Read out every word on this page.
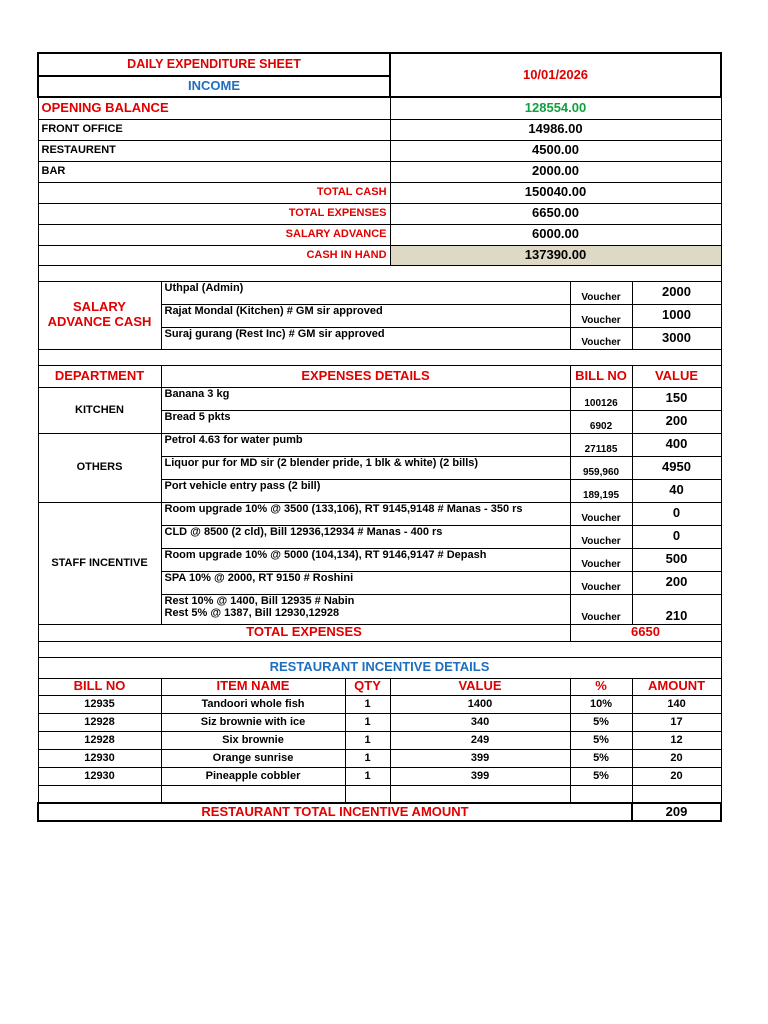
DAILY EXPENDITURE SHEET			10/01/2026		
INCOME					
OPENING BALANCE			128554.00		
FRONT OFFICE			14986.00		
RESTAURENT			4500.00		
BAR			2000.00		
TOTAL CASH			150040.00		
TOTAL EXPENSES			6650.00		
SALARY ADVANCE			6000.00		
CASH IN HAND			137390.00		

SALARY ADVANCE CASH	Uthpal (Admin)			Voucher	2000
	Rajat Mondal (Kitchen) # GM sir approved			Voucher	1000
	Suraj gurang (Rest Inc) # GM sir approved			Voucher	3000

DEPARTMENT	EXPENSES DETAILS			BILL NO	VALUE
KITCHEN	Banana 3 kg			100126	150
	Bread 5 pkts			6902	200
OTHERS	Petrol 4.63 for water pumb			271185	400
	Liquor pur for MD sir (2 blender pride, 1 blk & white) (2 bills)			959,960	4950
	Port vehicle entry pass (2 bill)			189,195	40
STAFF INCENTIVE	Room upgrade 10% @ 3500 (133,106), RT 9145,9148 # Manas - 350 rs			Voucher	0
	CLD @ 8500 (2 cld), Bill 12936,12934 # Manas - 400 rs			Voucher	0
	Room upgrade 10% @ 5000 (104,134), RT 9146,9147 # Depash			Voucher	500
	SPA 10% @ 2000, RT 9150 # Roshini			Voucher	200

	Rest 10% @ 1400, Bill 12935 # Nabin
Rest 5% @ 1387, Bill 12930,12928			Voucher	210
TOTAL EXPENSES				6650	

RESTAURANT INCENTIVE DETAILS					
BILL NO	ITEM NAME	QTY	VALUE	%	AMOUNT
12935	Tandoori whole fish	1	1400	10%	140
12928	Siz brownie with ice	1	340	5%	17
12928	Six brownie	1	249	5%	12
12930	Orange sunrise	1	399	5%	20
12930	Pineapple cobbler	1	399	5%	20

RESTAURANT TOTAL INCENTIVE AMOUNT					209
